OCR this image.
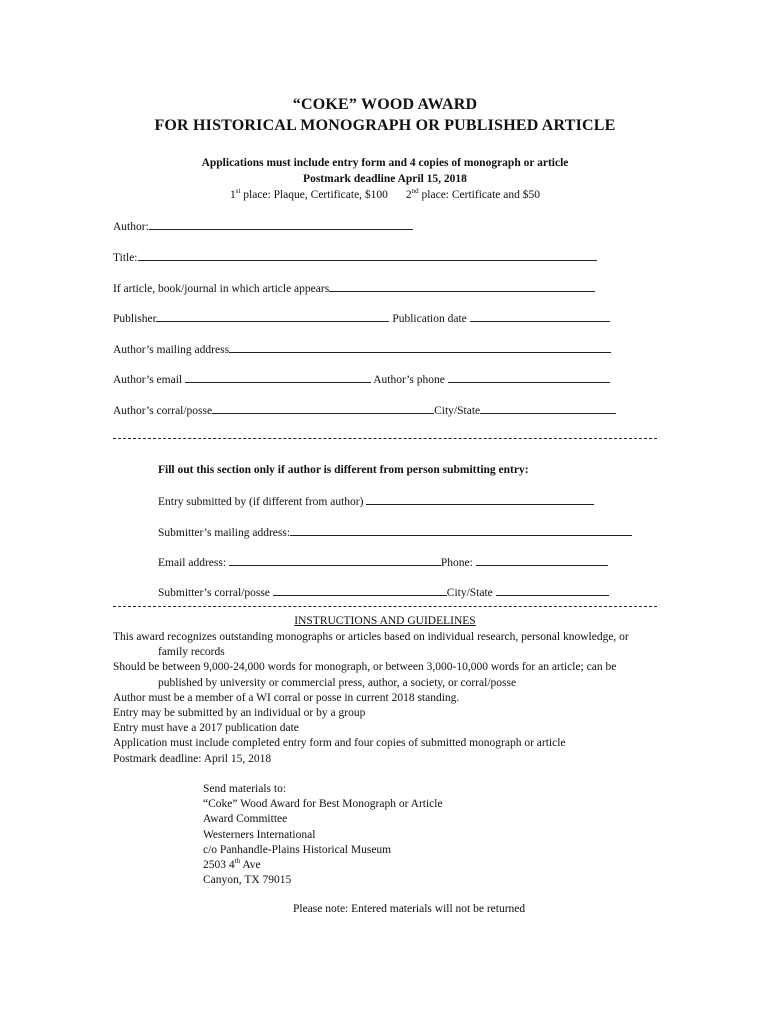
“COKE” WOOD AWARD
FOR HISTORICAL MONOGRAPH OR PUBLISHED ARTICLE
Applications must include entry form and 4 copies of monograph or article
Postmark deadline April 15, 2018
1st place: Plaque, Certificate, $100 2nd place: Certificate and $50
Author:
Title:
If article, book/journal in which article appears
Publisher	Publication date
Author’s mailing address
Author’s email	Author’s phone
Author’s corral/posse	City/State
Fill out this section only if author is different from person submitting entry:
Entry submitted by (if different from author)
Submitter’s mailing address:
Email address:	Phone:
Submitter’s corral/posse	City/State
INSTRUCTIONS AND GUIDELINES
This award recognizes outstanding monographs or articles based on individual research, personal knowledge, or family records
Should be between 9,000-24,000 words for monograph, or between 3,000-10,000 words for an article; can be published by university or commercial press, author, a society, or corral/posse
Author must be a member of a WI corral or posse in current 2018 standing.
Entry may be submitted by an individual or by a group
Entry must have a 2017 publication date
Application must include completed entry form and four copies of submitted monograph or article
Postmark deadline: April 15, 2018
Send materials to:
“Coke” Wood Award for Best Monograph or Article
Award Committee
Westerners International
c/o Panhandle-Plains Historical Museum
2503 4th Ave
Canyon, TX 79015
Please note: Entered materials will not be returned
